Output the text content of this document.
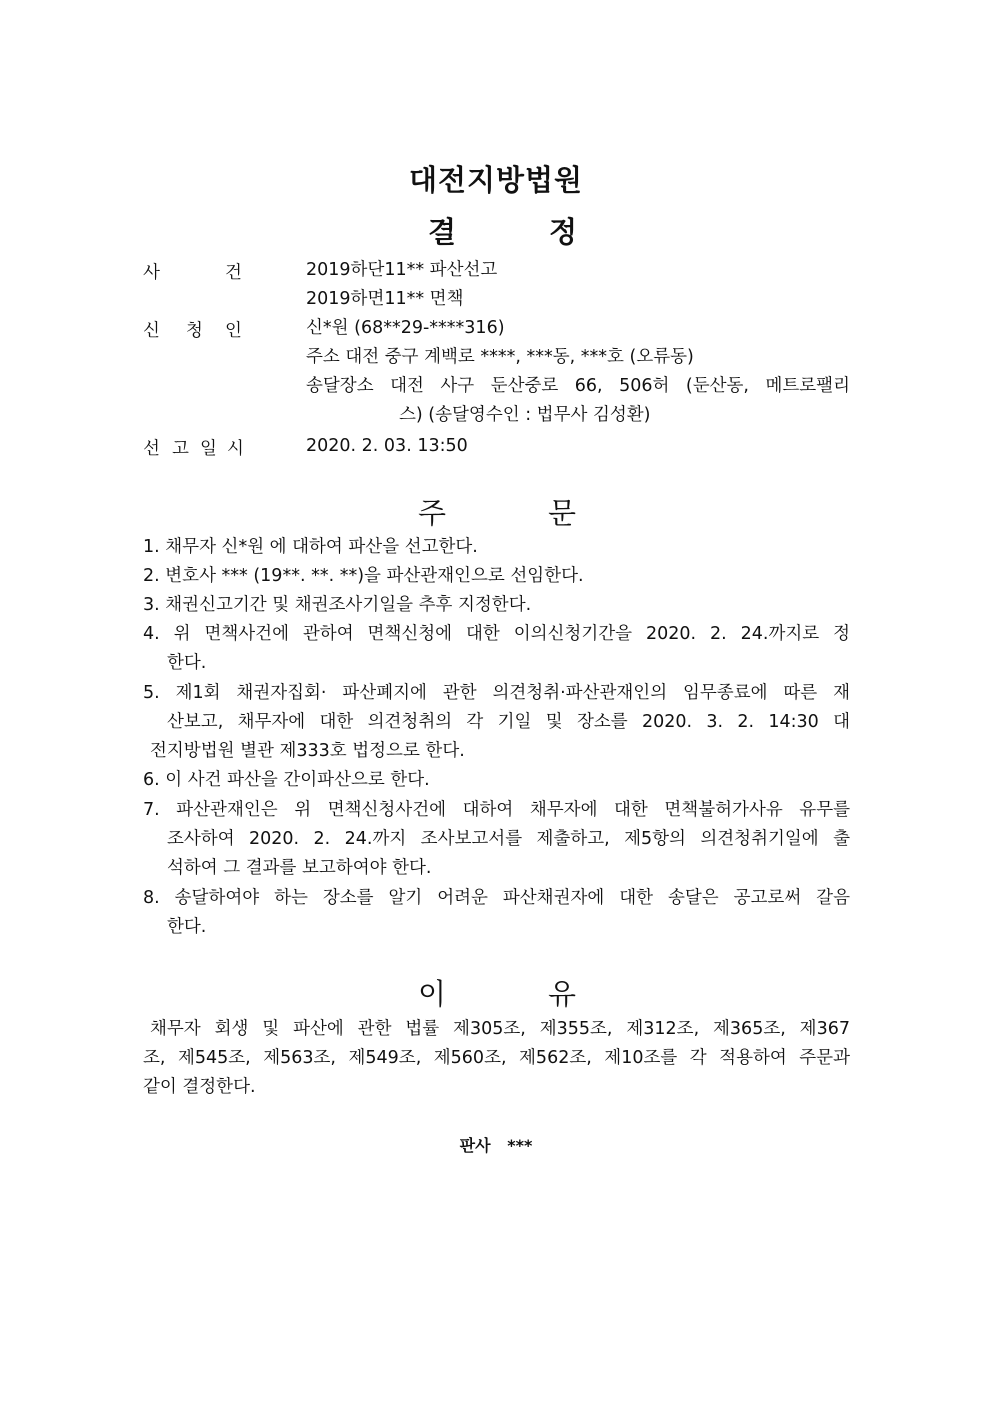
대전지방법원
결	정
사	건	2019하단11** 파산선고
2019하면11** 면책
신 청 인	신*원 (68**29-****316)
주소 대전 중구 계백로 ****, ***동, ***호 (오류동)
송달장소 대전 사구 둔산중로 66, 506허 (둔산동, 메트로팰리
스) (송달영수인 : 법무사 김성환)
선 고 일 시	2020. 2. 03. 13:50
주	문
1. 채무자 신*원 에 대하여 파산을 선고한다.
2. 변호사 *** (19**. **. **)을 파산관재인으로 선임한다.
3. 채권신고기간 및 채권조사기일을 추후 지정한다.
4. 위 면책사건에 관하여 면책신청에 대한 이의신청기간을 2020. 2. 24.까지로 정
한다.
5. 제1회 채권자집회· 파산폐지에 관한 의견청취·파산관재인의 임무종료에 따른 재
산보고, 채무자에 대한 의견청취의 각 기일 및 장소를 2020. 3. 2. 14:30 대
전지방법원 별관 제333호 법정으로 한다.
6. 이 사건 파산을 간이파산으로 한다.
7. 파산관재인은 위 면책신청사건에 대하여 채무자에 대한 면책불허가사유 유무를
조사하여 2020. 2. 24.까지 조사보고서를 제출하고, 제5항의 의견청취기일에 출
석하여 그 결과를 보고하여야 한다.
8. 송달하여야 하는 장소를 알기 어려운 파산채권자에 대한 송달은 공고로써 갈음
한다.
이	유
채무자 회생 및 파산에 관한 법률 제305조, 제355조, 제312조, 제365조, 제367
조, 제545조, 제563조, 제549조, 제560조, 제562조, 제10조를 각 적용하여 주문과
같이 결정한다.
판사   ***
